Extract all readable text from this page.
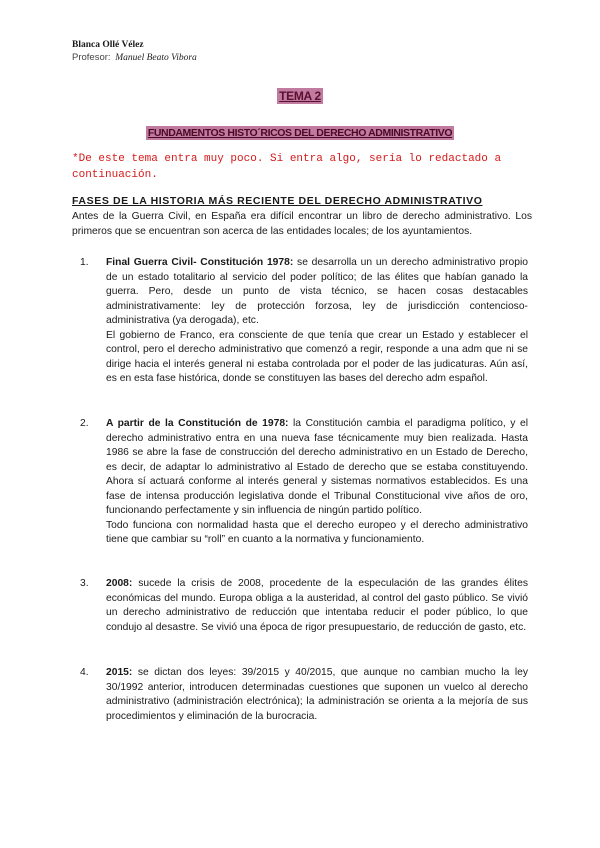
Blanca Ollé Vélez
Profesor: Manuel Beato Vibora
TEMA 2
FUNDAMENTOS HISTO´RICOS DEL DERECHO ADMINISTRATIVO
*De este tema entra muy poco. Si entra algo, sería lo redactado a continuación.
FASES DE LA HISTORIA MÁS RECIENTE DEL DERECHO ADMINISTRATIVO
Antes de la Guerra Civil, en España era difícil encontrar un libro de derecho administrativo. Los primeros que se encuentran son acerca de las entidades locales; de los ayuntamientos.
1.	Final Guerra Civil- Constitución 1978: se desarrolla un un derecho administrativo propio de un estado totalitario al servicio del poder político; de las élites que habían ganado la guerra. Pero, desde un punto de vista técnico, se hacen cosas destacables administrativamente: ley de protección forzosa, ley de jurisdicción contencioso-administrativa (ya derogada), etc.

El gobierno de Franco, era consciente de que tenía que crear un Estado y establecer el control, pero el derecho administrativo que comenzó a regir, responde a una adm que ni se dirige hacia el interés general ni estaba controlada por el poder de las judicaturas. Aún así, es en esta fase histórica, donde se constituyen las bases del derecho adm español.

2.	A partir de la Constitución de 1978: la Constitución cambia el paradigma político, y el derecho administrativo entra en una nueva fase técnicamente muy bien realizada. Hasta 1986 se abre la fase de construcción del derecho administrativo en un Estado de Derecho, es decir, de adaptar lo administrativo al Estado de derecho que se estaba constituyendo. Ahora sí actuará conforme al interés general y sistemas normativos establecidos. Es una fase de intensa producción legislativa donde el Tribunal Constitucional vive años de oro, funcionando perfectamente y sin influencia de ningún partido político.

Todo funciona con normalidad hasta que el derecho europeo y el derecho administrativo tiene que cambiar su “roll” en cuanto a la normativa y funcionamiento.

3.	2008: sucede la crisis de 2008, procedente de la especulación de las grandes élites económicas del mundo. Europa obliga a la austeridad, al control del gasto público. Se vivió un derecho administrativo de reducción que intentaba reducir el poder público, lo que condujo al desastre. Se vivió una época de rigor presupuestario, de reducción de gasto, etc.

4.	2015: se dictan dos leyes: 39/2015 y 40/2015, que aunque no cambian mucho la ley 30/1992 anterior, introducen determinadas cuestiones que suponen un vuelco al derecho administrativo (administración electrónica); la administración se orienta a la mejoría de sus procedimientos y eliminación de la burocracia.
